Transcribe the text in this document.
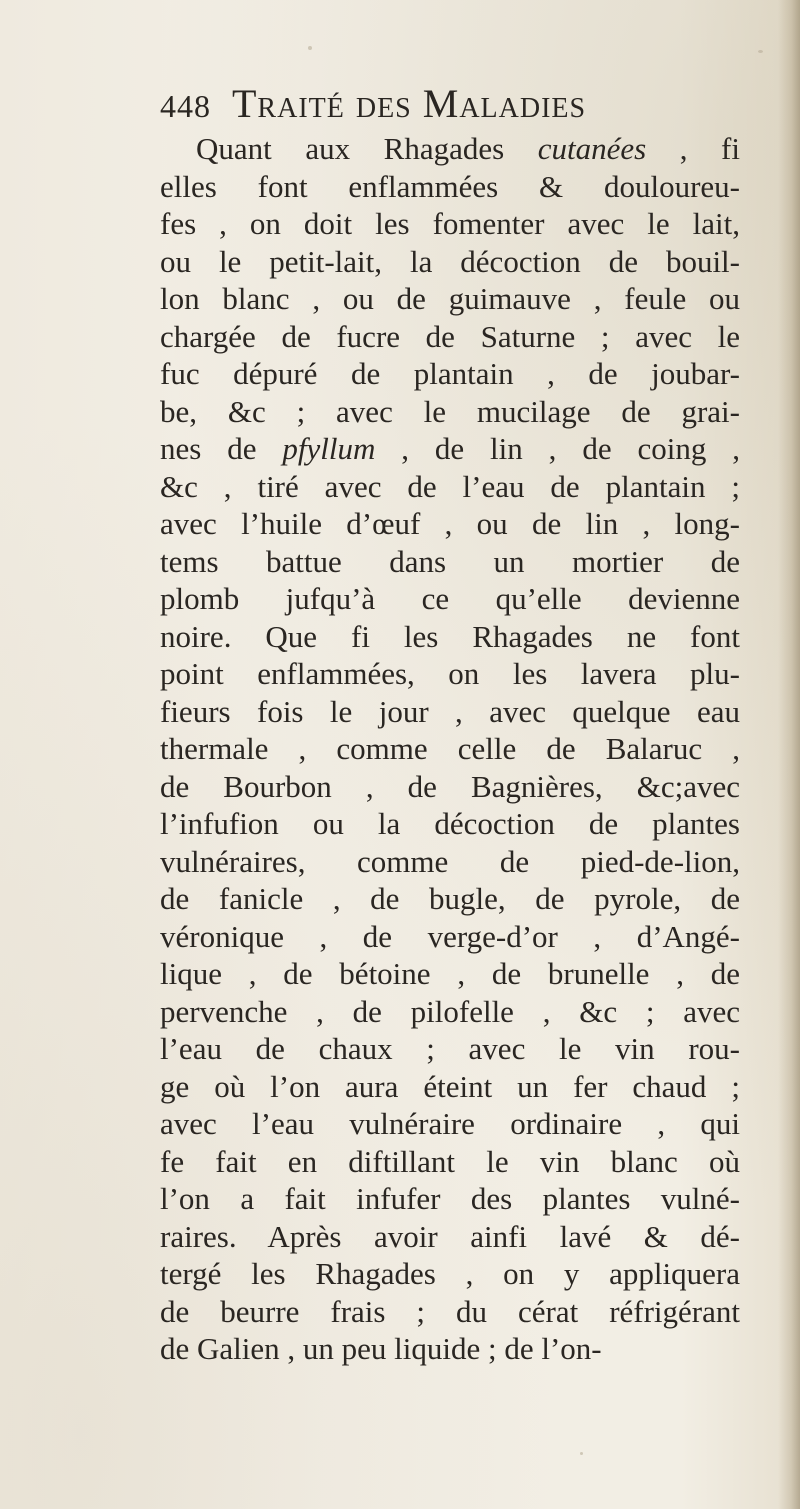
448 Traité des Maladies
Quant aux Rhagades cutanées , fi
elles font enflammées & douloureu-
fes , on doit les fomenter avec le lait,
ou le petit-lait, la décoction de bouil-
lon blanc , ou de guimauve , feule ou
chargée de fucre de Saturne ; avec le
fuc dépuré de plantain , de joubar-
be, &c ; avec le mucilage de grai-
nes de pfyllum , de lin , de coing ,
&c , tiré avec de l’eau de plantain ;
avec l’huile d’œuf , ou de lin , long-
tems battue dans un mortier de
plomb jufqu’à ce qu’elle devienne
noire. Que fi les Rhagades ne font
point enflammées, on les lavera plu-
fieurs fois le jour , avec quelque eau
thermale , comme celle de Balaruc ,
de Bourbon , de Bagnières, &c;avec
l’infufion ou la décoction de plantes
vulnéraires, comme de pied-de-lion,
de fanicle , de bugle, de pyrole, de
véronique , de verge-d’or , d’Angé-
lique , de bétoine , de brunelle , de
pervenche , de pilofelle , &c ; avec
l’eau de chaux ; avec le vin rou-
ge où l’on aura éteint un fer chaud ;
avec l’eau vulnéraire ordinaire , qui
fe fait en diftillant le vin blanc où
l’on a fait infufer des plantes vulné-
raires. Après avoir ainfi lavé & dé-
tergé les Rhagades , on y appliquera
de beurre frais ; du cérat réfrigérant
de Galien , un peu liquide ; de l’on-
